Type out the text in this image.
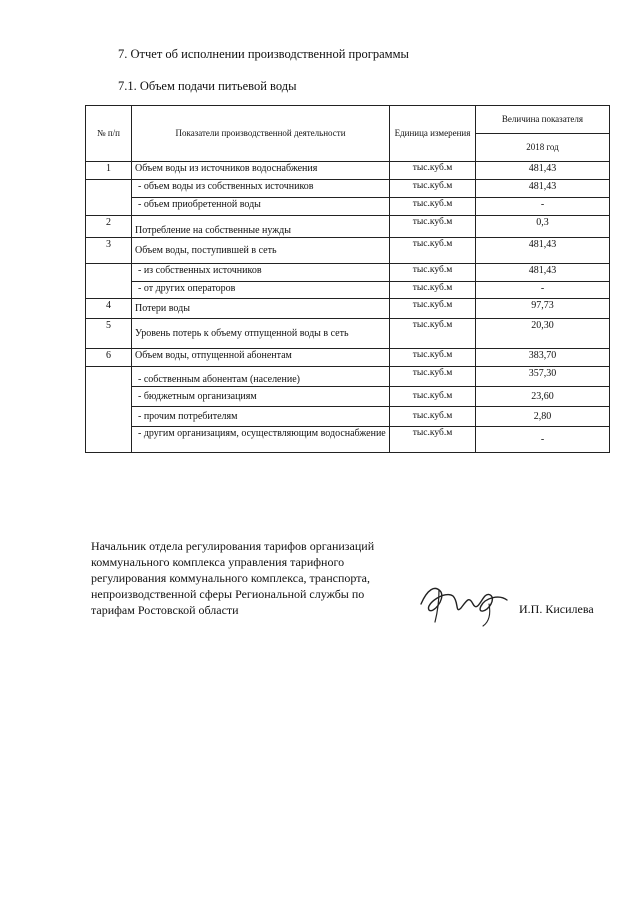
7. Отчет об исполнении производственной программы
7.1. Объем подачи питьевой воды
№ п/п	Показатели производственной деятельности	Единица измерения	Величина показателя
			2018 год
1	Объем воды из источников водоснабжения	тыс.куб.м	481,43
	- объем воды из собственных источников	тыс.куб.м	481,43
	- объем приобретенной воды	тыс.куб.м	-
2	Потребление на собственные нужды	тыс.куб.м	0,3
3	Объем воды, поступившей в сеть	тыс.куб.м	481,43
	- из собственных источников	тыс.куб.м	481,43
	- от других операторов	тыс.куб.м	-
4	Потери воды	тыс.куб.м	97,73
5	Уровень потерь к объему отпущенной воды в сеть	тыс.куб.м	20,30
6	Объем воды, отпущенной абонентам	тыс.куб.м	383,70
	- собственным абонентам (население)	тыс.куб.м	357,30
	- бюджетным организациям	тыс.куб.м	23,60
	- прочим потребителям	тыс.куб.м	2,80
	- другим организациям, осуществляющим водоснабжение	тыс.куб.м	-
Начальник отдела регулирования тарифов организаций коммунального комплекса управления тарифного регулирования коммунального комплекса, транспорта, непроизводственной сферы Региональной службы по тарифам Ростовской области	И.П. Кисилева
